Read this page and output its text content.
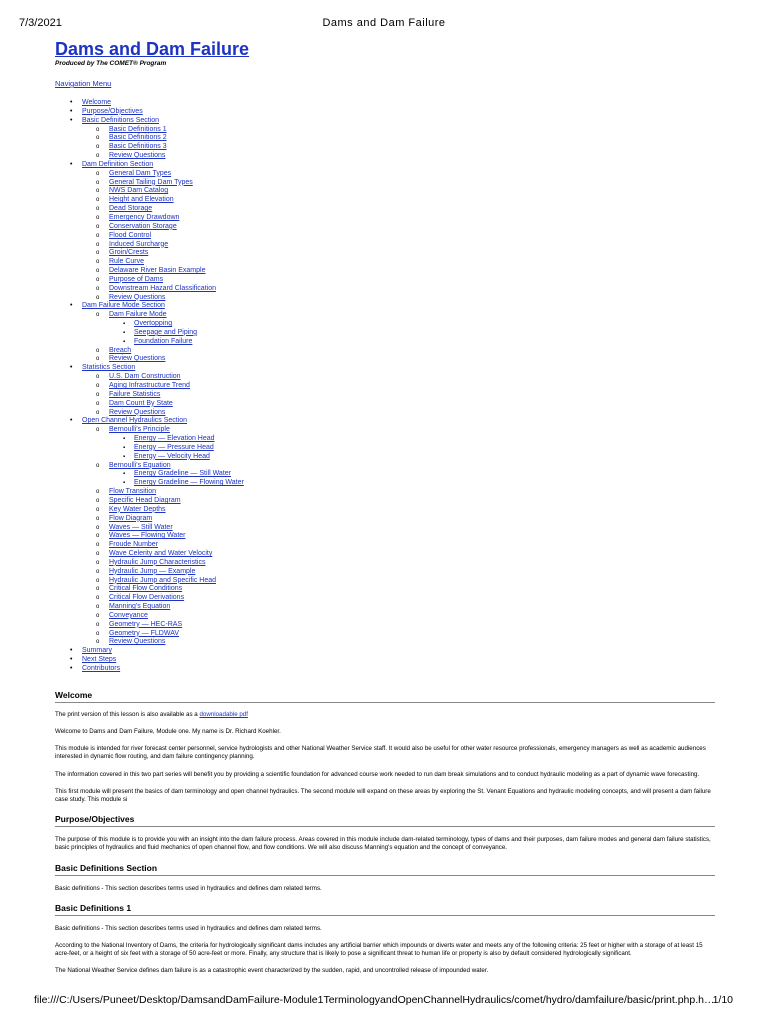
7/3/2021	Dams and Dam Failure
Dams and Dam Failure
Produced by The COMET® Program
Navigation Menu
• Welcome
• Purpose/Objectives
• Basic Definitions Section
o Basic Definitions 1
o Basic Definitions 2
o Basic Definitions 3
o Review Questions
• Dam Definition Section
o General Dam Types
o General Tailing Dam Types
o NWS Dam Catalog
o Height and Elevation
o Dead Storage
o Emergency Drawdown
o Conservation Storage
o Flood Control
o Induced Surcharge
o Groin/Crests
o Rule Curve
o Delaware River Basin Example
o Purpose of Dams
o Downstream Hazard Classification
o Review Questions
• Dam Failure Mode Section
o Dam Failure Mode
▪ Overtopping
▪ Seepage and Piping
▪ Foundation Failure
o Breach
o Review Questions
• Statistics Section
o U.S. Dam Construction
o Aging Infrastructure Trend
o Failure Statistics
o Dam Count By State
o Review Questions
• Open Channel Hydraulics Section
o Bernoulli's Principle
▪ Energy — Elevation Head
▪ Energy — Pressure Head
▪ Energy — Velocity Head
o Bernoulli's Equation
▪ Energy Gradeline — Still Water
▪ Energy Gradeline — Flowing Water
o Flow Transition
o Specific Head Diagram
o Key Water Depths
o Flow Diagram
o Waves — Still Water
o Waves — Flowing Water
o Froude Number
o Wave Celerity and Water Velocity
o Hydraulic Jump Characteristics
o Hydraulic Jump — Example
o Hydraulic Jump and Specific Head
o Critical Flow Conditions
o Critical Flow Derivations
o Manning's Equation
o Conveyance
o Geometry — HEC-RAS
o Geometry — FLDWAV
o Review Questions
• Summary
• Next Steps
• Contributors
Welcome

The print version of this lesson is also available as a downloadable pdf

Welcome to Dams and Dam Failure, Module one. My name is Dr. Richard Koehler.

This module is intended for river forecast center personnel, service hydrologists and other National Weather Service staff. It would also be useful for other water resource professionals, emergency managers as well as academic audiences interested in dynamic flow routing, and dam failure contingency planning.

The information covered in this two part series will benefit you by providing a scientific foundation for advanced course work needed to run dam break simulations and to conduct hydraulic modeling as a part of dynamic wave forecasting.

This first module will present the basics of dam terminology and open channel hydraulics. The second module will expand on these areas by exploring the St. Venant Equations and hydraulic modeling concepts, and will present a dam failure case study. This module si

Purpose/Objectives

The purpose of this module is to provide you with an insight into the dam failure process. Areas covered in this module include dam-related terminology, types of dams and their purposes, dam failure modes and general dam failure statistics, basic principles of hydraulics and fluid mechanics of open channel flow, and flow conditions. We will also discuss Manning's equation and the concept of conveyance.

Basic Definitions Section

Basic definitions - This section describes terms used in hydraulics and defines dam related terms.

Basic Definitions 1

Basic definitions - This section describes terms used in hydraulics and defines dam related terms.

According to the National Inventory of Dams, the criteria for hydrologically significant dams includes any artificial barrier which impounds or diverts water and meets any of the following criteria: 25 feet or higher with a storage of at least 15 acre-feet, or a height of six feet with a storage of 50 acre-feet or more. Finally, any structure that is likely to pose a significant threat to human life or property is also by default considered hydrologically significant.

The National Weather Service defines dam failure is as a catastrophic event characterized by the sudden, rapid, and uncontrolled release of impounded water.

file:///C:/Users/Puneet/Desktop/DamsandDamFailure-Module1TerminologyandOpenChannelHydraulics/comet/hydro/damfailure/basic/print.php.h…
1/10
